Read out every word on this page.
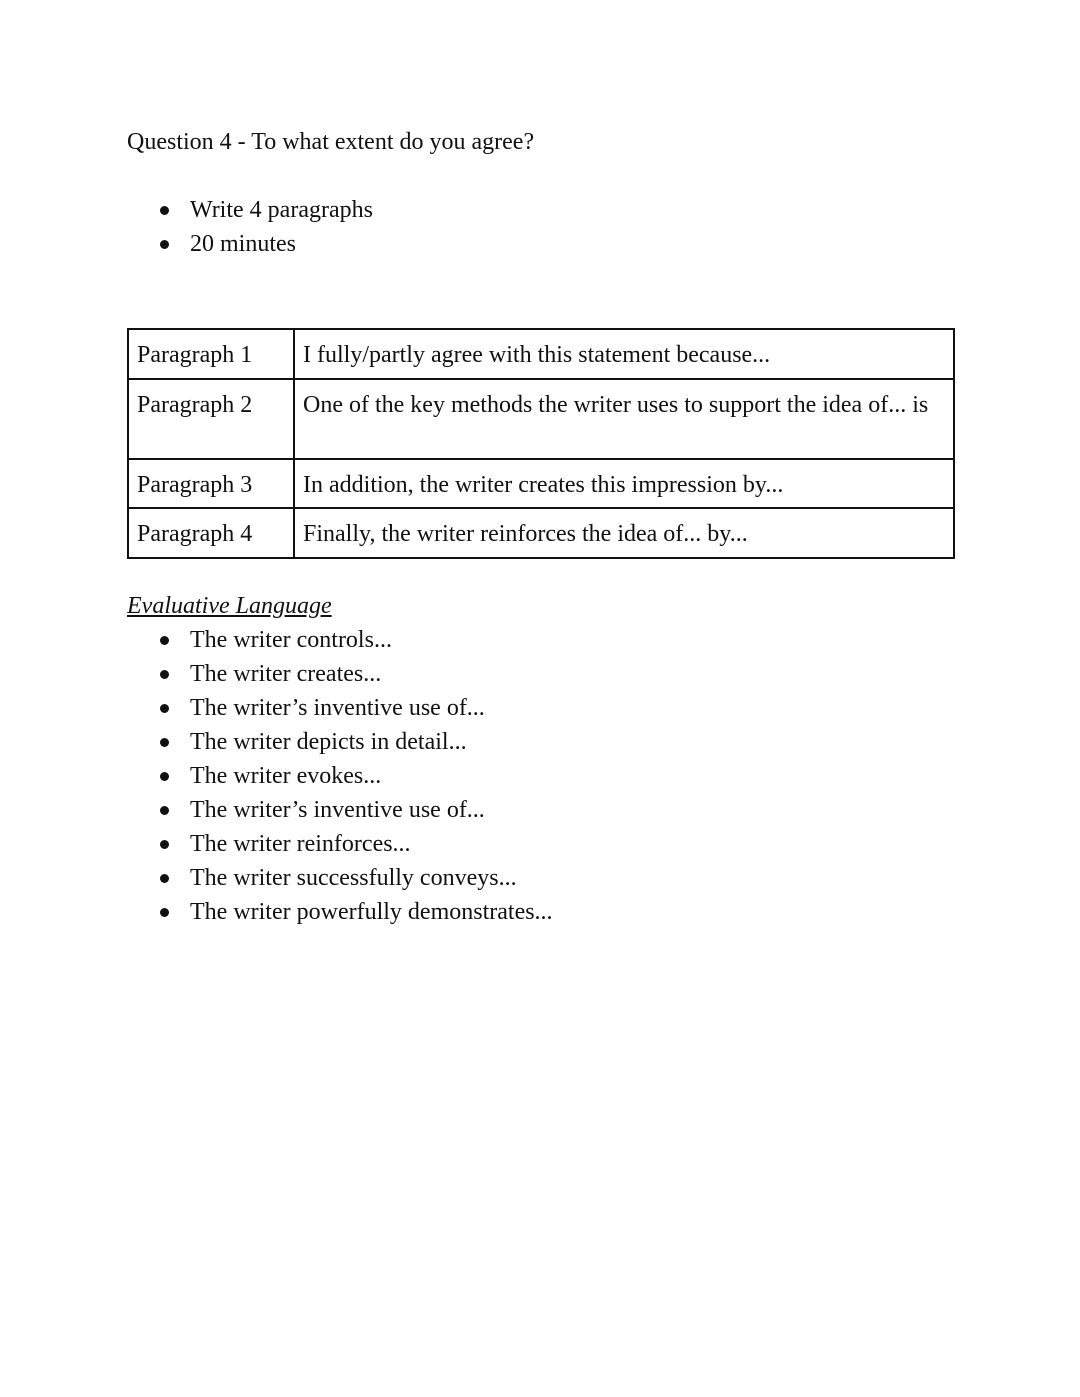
Question 4 - To what extent do you agree?
Write 4 paragraphs
20 minutes
Paragraph 1	I fully/partly agree with this statement because...
Paragraph 2	One of the key methods the writer uses to support the idea of... is
Paragraph 3	In addition, the writer creates this impression by...
Paragraph 4	Finally, the writer reinforces the idea of... by...
Evaluative Language
The writer controls...
The writer creates...
The writer’s inventive use of...
The writer depicts in detail...
The writer evokes...
The writer’s inventive use of...
The writer reinforces...
The writer successfully conveys...
The writer powerfully demonstrates...
